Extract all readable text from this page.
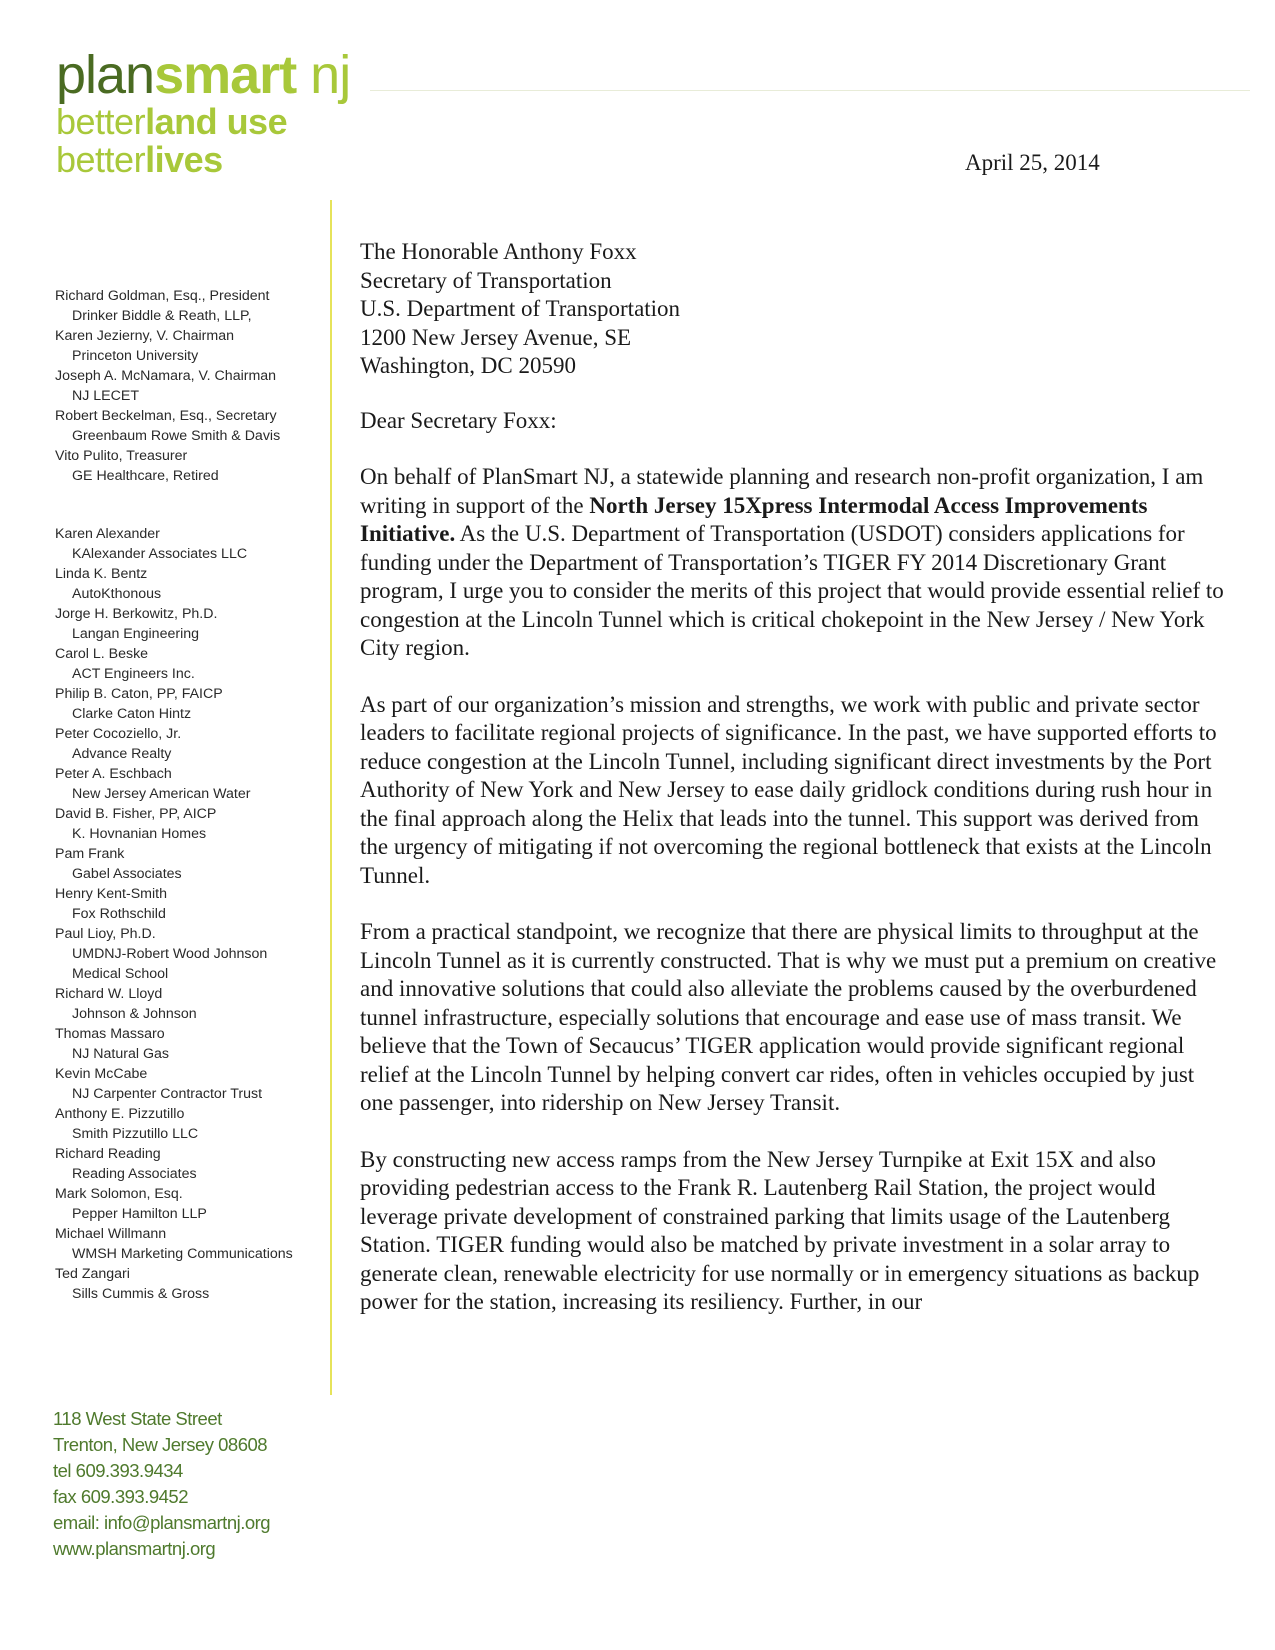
plansmart nj
betterland use
betterlives	April 25, 2014
Richard Goldman, Esq., President
Drinker Biddle & Reath, LLP,
Karen Jezierny, V. Chairman
Princeton University
Joseph A. McNamara, V. Chairman
NJ LECET
Robert Beckelman, Esq., Secretary
Greenbaum Rowe Smith & Davis
Vito Pulito, Treasurer
GE Healthcare, Retired
Karen Alexander
KAlexander Associates LLC
Linda K. Bentz
AutoKthonous
Jorge H. Berkowitz, Ph.D.
Langan Engineering
Carol L. Beske
ACT Engineers Inc.
Philip B. Caton, PP, FAICP
Clarke Caton Hintz
Peter Cocoziello, Jr.
Advance Realty
Peter A. Eschbach
New Jersey American Water
David B. Fisher, PP, AICP
K. Hovnanian Homes
Pam Frank
Gabel Associates
Henry Kent-Smith
Fox Rothschild
Paul Lioy, Ph.D.
UMDNJ-Robert Wood Johnson
Medical School
Richard W. Lloyd
Johnson & Johnson
Thomas Massaro
NJ Natural Gas
Kevin McCabe
NJ Carpenter Contractor Trust
Anthony E. Pizzutillo
Smith Pizzutillo LLC
Richard Reading
Reading Associates
Mark Solomon, Esq.
Pepper Hamilton LLP
Michael Willmann
WMSH Marketing Communications
Ted Zangari
Sills Cummis & Gross
118 West State Street
Trenton, New Jersey 08608
tel 609.393.9434
fax 609.393.9452
email: info@plansmartnj.org
www.plansmartnj.org
The Honorable Anthony Foxx
Secretary of Transportation
U.S. Department of Transportation
1200 New Jersey Avenue, SE
Washington, DC 20590
Dear Secretary Foxx:
On behalf of PlanSmart NJ, a statewide planning and research non-profit organization, I am writing in support of the North Jersey 15Xpress Intermodal Access Improvements Initiative. As the U.S. Department of Transportation (USDOT) considers applications for funding under the Department of Transportation’s TIGER FY 2014 Discretionary Grant program, I urge you to consider the merits of this project that would provide essential relief to congestion at the Lincoln Tunnel which is critical chokepoint in the New Jersey / New York City region.
As part of our organization’s mission and strengths, we work with public and private sector leaders to facilitate regional projects of significance. In the past, we have supported efforts to reduce congestion at the Lincoln Tunnel, including significant direct investments by the Port Authority of New York and New Jersey to ease daily gridlock conditions during rush hour in the final approach along the Helix that leads into the tunnel. This support was derived from the urgency of mitigating if not overcoming the regional bottleneck that exists at the Lincoln Tunnel.
From a practical standpoint, we recognize that there are physical limits to throughput at the Lincoln Tunnel as it is currently constructed. That is why we must put a premium on creative and innovative solutions that could also alleviate the problems caused by the overburdened tunnel infrastructure, especially solutions that encourage and ease use of mass transit. We believe that the Town of Secaucus’ TIGER application would provide significant regional relief at the Lincoln Tunnel by helping convert car rides, often in vehicles occupied by just one passenger, into ridership on New Jersey Transit.
By constructing new access ramps from the New Jersey Turnpike at Exit 15X and also providing pedestrian access to the Frank R. Lautenberg Rail Station, the project would leverage private development of constrained parking that limits usage of the Lautenberg Station. TIGER funding would also be matched by private investment in a solar array to generate clean, renewable electricity for use normally or in emergency situations as backup power for the station, increasing its resiliency. Further, in our
